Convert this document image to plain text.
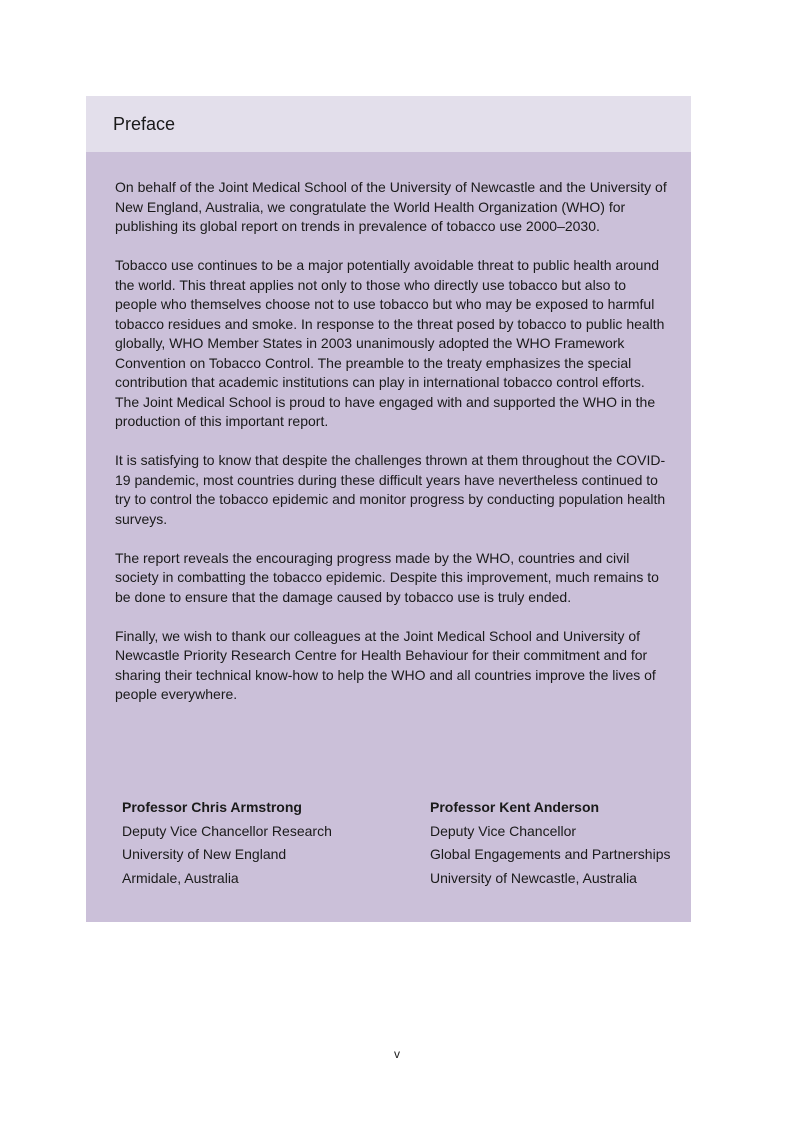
Preface

On behalf of the Joint Medical School of the University of Newcastle and the University of New England, Australia, we congratulate the World Health Organization (WHO) for publishing its global report on trends in prevalence of tobacco use 2000–2030.

Tobacco use continues to be a major potentially avoidable threat to public health around the world. This threat applies not only to those who directly use tobacco but also to people who themselves choose not to use tobacco but who may be exposed to harmful tobacco residues and smoke. In response to the threat posed by tobacco to public health globally, WHO Member States in 2003 unanimously adopted the WHO Framework Convention on Tobacco Control. The preamble to the treaty emphasizes the special contribution that academic institutions can play in international tobacco control efforts. The Joint Medical School is proud to have engaged with and supported the WHO in the production of this important report.

It is satisfying to know that despite the challenges thrown at them throughout the COVID-19 pandemic, most countries during these difficult years have nevertheless continued to try to control the tobacco epidemic and monitor progress by conducting population health surveys.

The report reveals the encouraging progress made by the WHO, countries and civil society in combatting the tobacco epidemic. Despite this improvement, much remains to be done to ensure that the damage caused by tobacco use is truly ended.

Finally, we wish to thank our colleagues at the Joint Medical School and University of Newcastle Priority Research Centre for Health Behaviour for their commitment and for sharing their technical know-how to help the WHO and all countries improve the lives of people everywhere.

Professor Chris Armstrong
Deputy Vice Chancellor Research
University of New England
Armidale, Australia
Professor Kent Anderson
Deputy Vice Chancellor
Global Engagements and Partnerships
University of Newcastle, Australia
v
